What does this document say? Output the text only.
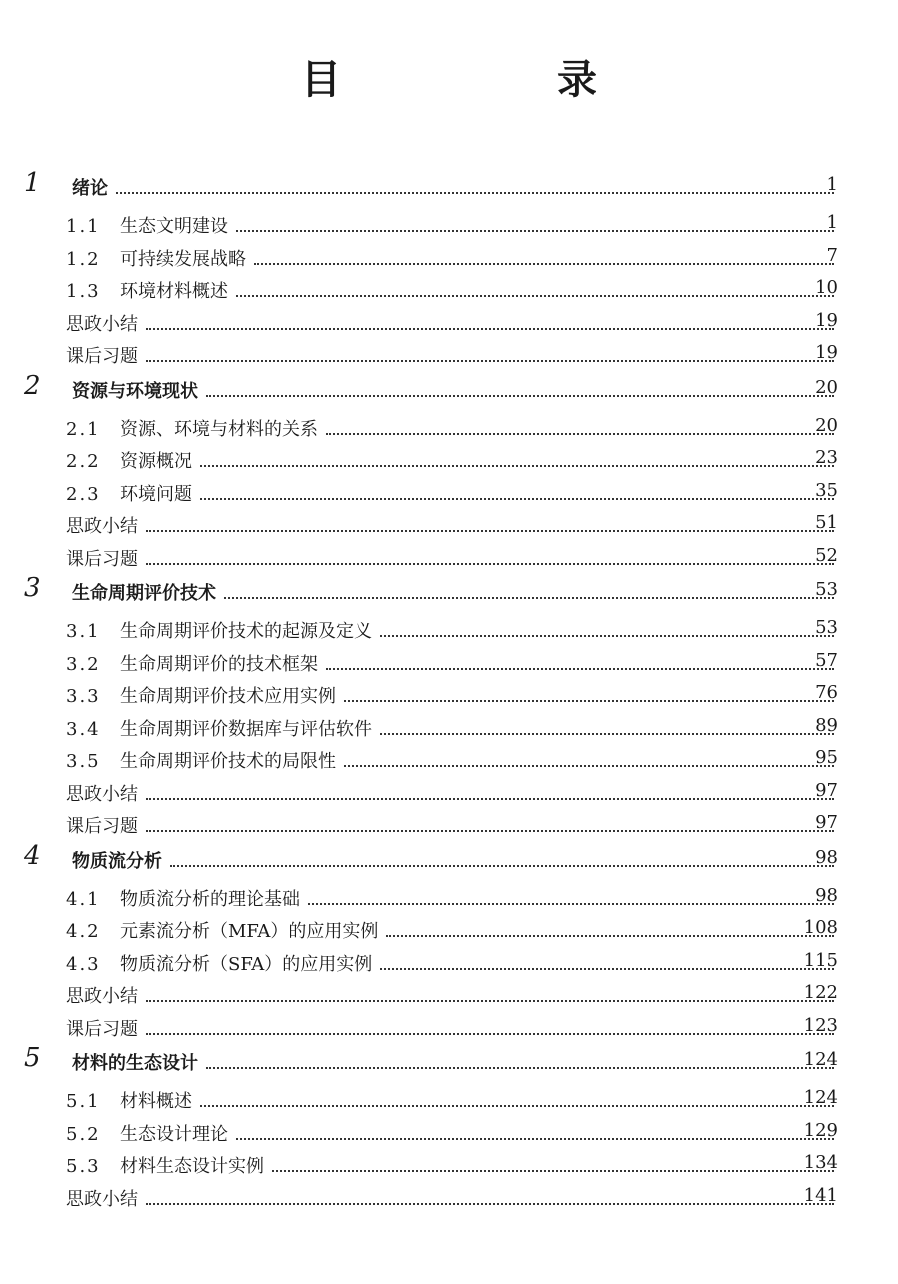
目　录
1 绪论	1
1.1	生态文明建设	1
1.2	可持续发展战略	7
1.3	环境材料概述	10
思政小结	19
课后习题	19
2 资源与环境现状	20
2.1	资源、环境与材料的关系	20
2.2	资源概况	23
2.3	环境问题	35
思政小结	51
课后习题	52
3 生命周期评价技术	53
3.1	生命周期评价技术的起源及定义	53
3.2	生命周期评价的技术框架	57
3.3	生命周期评价技术应用实例	76
3.4	生命周期评价数据库与评估软件	89
3.5	生命周期评价技术的局限性	95
思政小结	97
课后习题	97
4 物质流分析	98
4.1	物质流分析的理论基础	98
4.2	元素流分析（MFA）的应用实例	108
4.3	物质流分析（SFA）的应用实例	115
思政小结	122
课后习题	123
5 材料的生态设计	124
5.1	材料概述	124
5.2	生态设计理论	129
5.3	材料生态设计实例	134
思政小结	141
